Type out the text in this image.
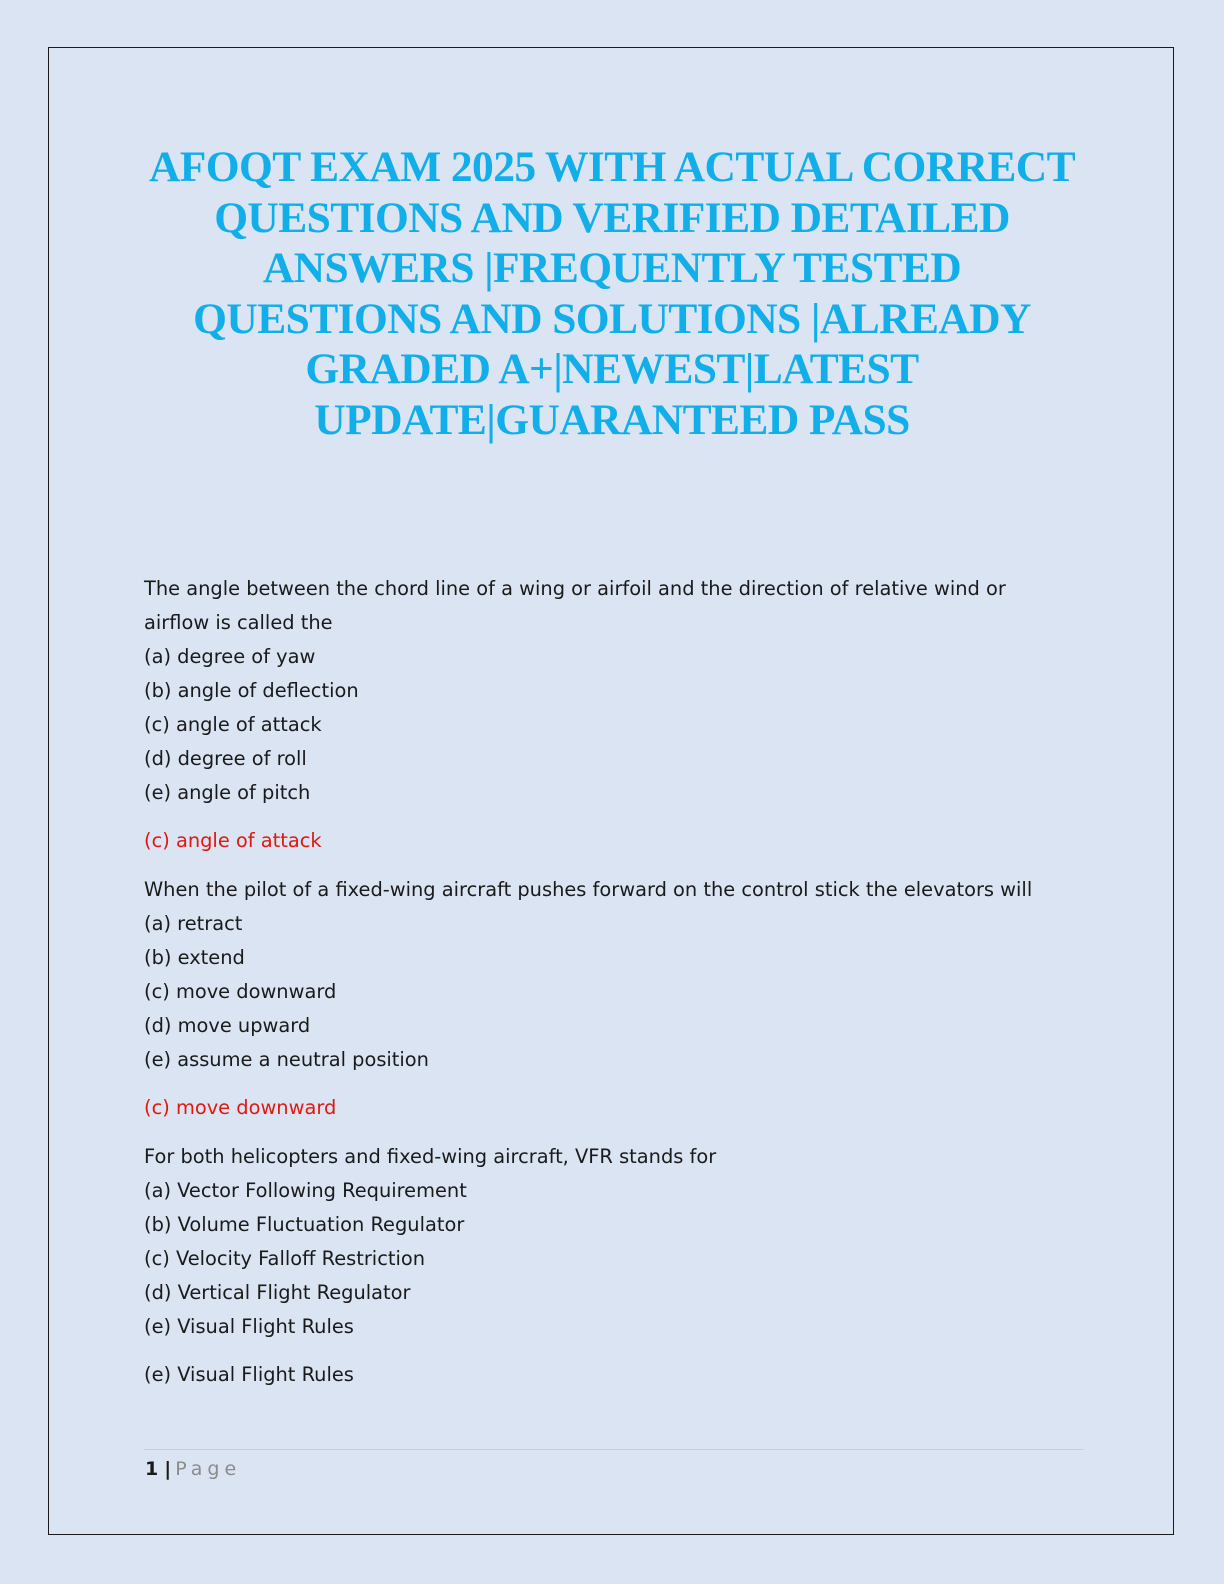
AFOQT EXAM 2025 WITH ACTUAL CORRECT
QUESTIONS AND VERIFIED DETAILED
ANSWERS |FREQUENTLY TESTED
QUESTIONS AND SOLUTIONS |ALREADY
GRADED A+|NEWEST|LATEST
UPDATE|GUARANTEED PASS
The angle between the chord line of a wing or airfoil and the direction of relative wind or
airflow is called the
(a) degree of yaw
(b) angle of deflection
(c) angle of attack
(d) degree of roll
(e) angle of pitch
(c) angle of attack
When the pilot of a fixed-wing aircraft pushes forward on the control stick the elevators will
(a) retract
(b) extend
(c) move downward
(d) move upward
(e) assume a neutral position
(c) move downward
For both helicopters and fixed-wing aircraft, VFR stands for
(a) Vector Following Requirement
(b) Volume Fluctuation Regulator
(c) Velocity Falloff Restriction
(d) Vertical Flight Regulator
(e) Visual Flight Rules
(e) Visual Flight Rules
1 | Page
